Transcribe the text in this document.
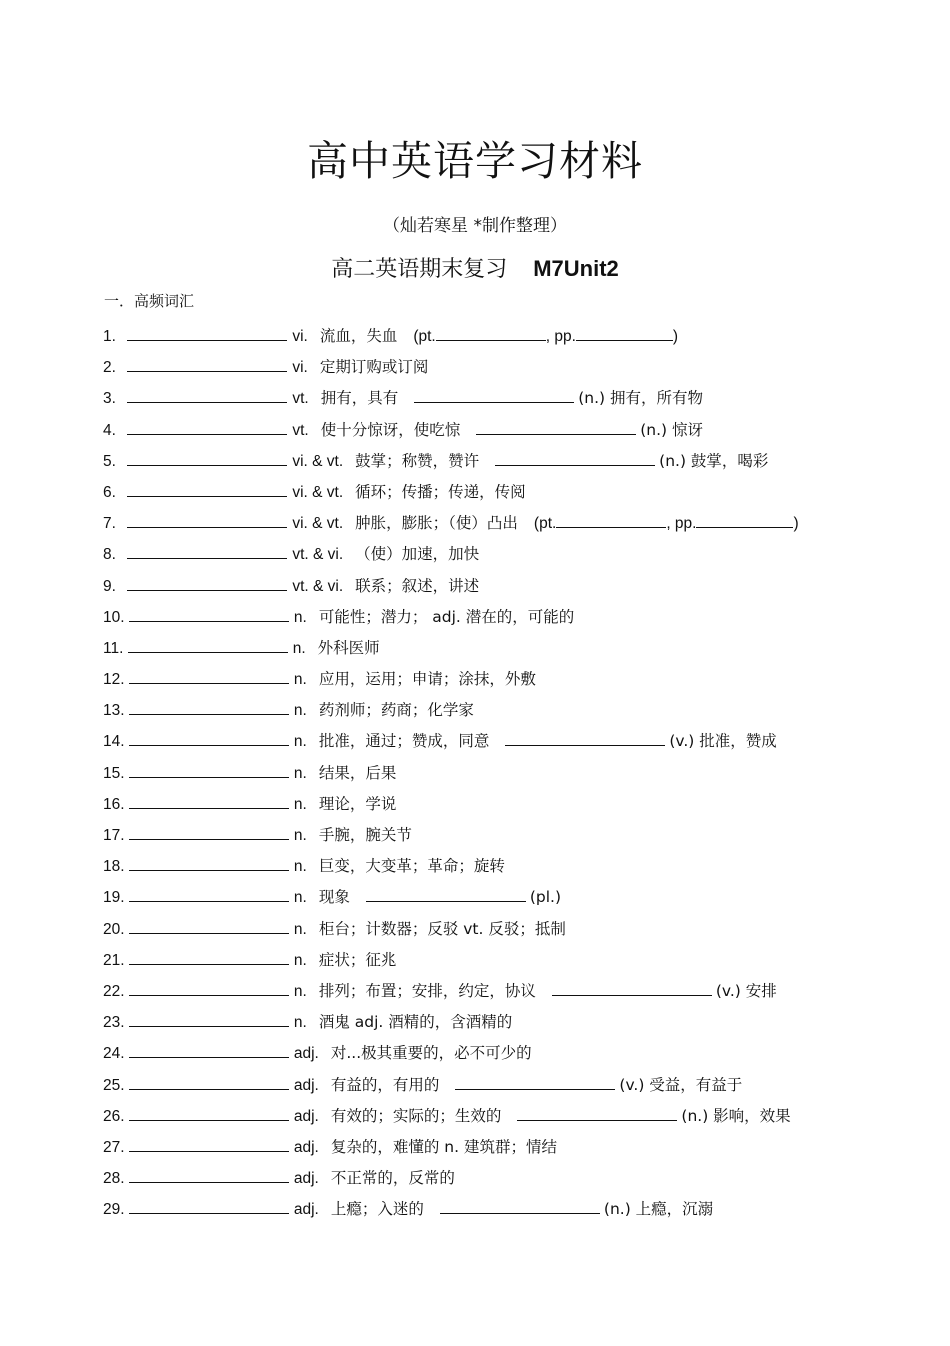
高中英语学习材料
（灿若寒星 *制作整理）
高二英语期末复习 M7Unit2
一．高频词汇
1.	vi. 流血，失血 (pt.	, pp.	)
2.	vi. 定期订购或订阅
3.	vt. 拥有，具有	(n.) 拥有，所有物
4.	vt. 使十分惊讶，使吃惊	(n.) 惊讶
5.	vi. & vt. 鼓掌；称赞，赞许	(n.) 鼓掌，喝彩
6.	vi. & vt. 循环；传播；传递，传阅
7.	vi. & vt. 肿胀，膨胀；（使）凸出 (pt.	, pp.	)
8.	vt. & vi. （使）加速，加快
9.	vt. & vi. 联系；叙述，讲述
10.	n. 可能性；潜力； adj. 潜在的，可能的
11.	n. 外科医师
12.	n. 应用，运用；申请；涂抹，外敷
13.	n. 药剂师；药商；化学家
14.	n. 批准，通过；赞成，同意	(v.) 批准，赞成
15.	n. 结果，后果
16.	n. 理论，学说
17.	n. 手腕，腕关节
18.	n. 巨变，大变革；革命；旋转
19.	n. 现象	(pl.)
20.	n. 柜台；计数器；反驳 vt. 反驳；抵制
21.	n. 症状；征兆
22.	n. 排列；布置；安排，约定，协议	(v.) 安排
23.	n. 酒鬼 adj. 酒精的，含酒精的
24.	adj. 对...极其重要的，必不可少的
25.	adj. 有益的，有用的	(v.) 受益，有益于
26.	adj. 有效的；实际的；生效的	(n.) 影响，效果
27.	adj. 复杂的，难懂的 n. 建筑群；情结
28.	adj. 不正常的，反常的
29.	adj. 上瘾；入迷的	(n.) 上瘾，沉溺
